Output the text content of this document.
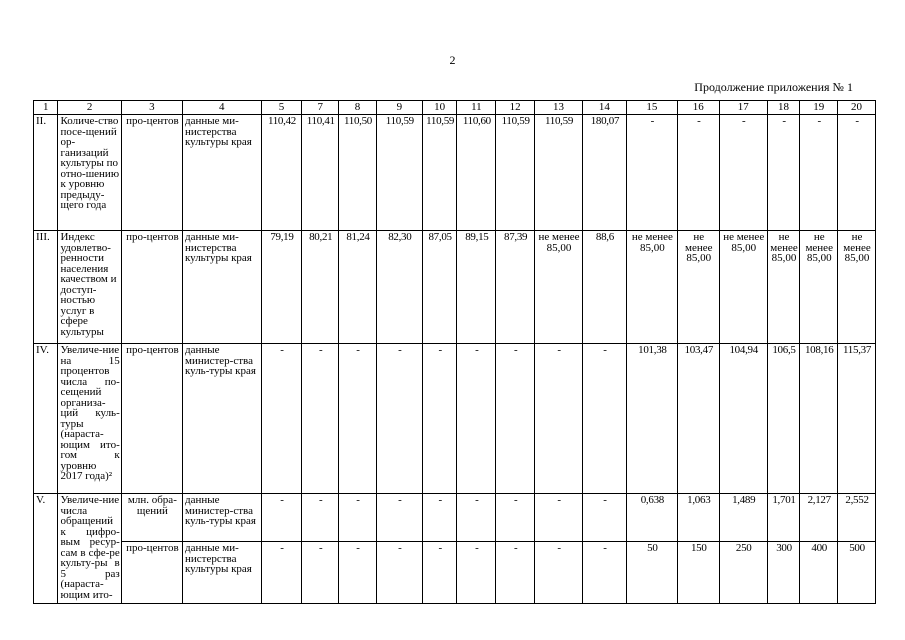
2
Продолжение приложения № 1
1	2	3	4	5	7	8	9	10	11	12	13	14	15	16	17	18	19	20
II.	Количе-ство посе-щений ор-ганизаций культуры по отно-шению к уровню предыду-щего года	про-центов	данные ми-нистерства культуры края	110,42	110,41	110,50	110,59	110,59	110,60	110,59	110,59	180,07	-	-	-	-	-	-
III.	Индекс удовлетво-ренности населения качеством и доступ-ностью услуг в сфере культуры	про-центов	данные ми-нистерства культуры края	79,19	80,21	81,24	82,30	87,05	89,15	87,39	не менее 85,00	88,6	не менее 85,00	не менее 85,00	не менее 85,00	не менее 85,00	не менее 85,00	не менее 85,00
IV.	Увеличе-ние на 15 процентов числа по-сещений организа-ций куль-туры (нараста-ющим ито-гом к уровню 2017 года)²	про-центов	данные министер-ства куль-туры края	-	-	-	-	-	-	-	-	-	101,38	103,47	104,94	106,5	108,16	115,37
V.	Увеличе-ние числа обращений к цифро-вым ресур-сам в сфе-ре культу-ры в 5 раз (нараста-ющим ито-	млн. обра-щений	данные министер-ства куль-туры края	-	-	-	-	-	-	-	-	-	0,638	1,063	1,489	1,701	2,127	2,552
		про-центов	данные ми-нистерства культуры края	-	-	-	-	-	-	-	-	-	50	150	250	300	400	500
